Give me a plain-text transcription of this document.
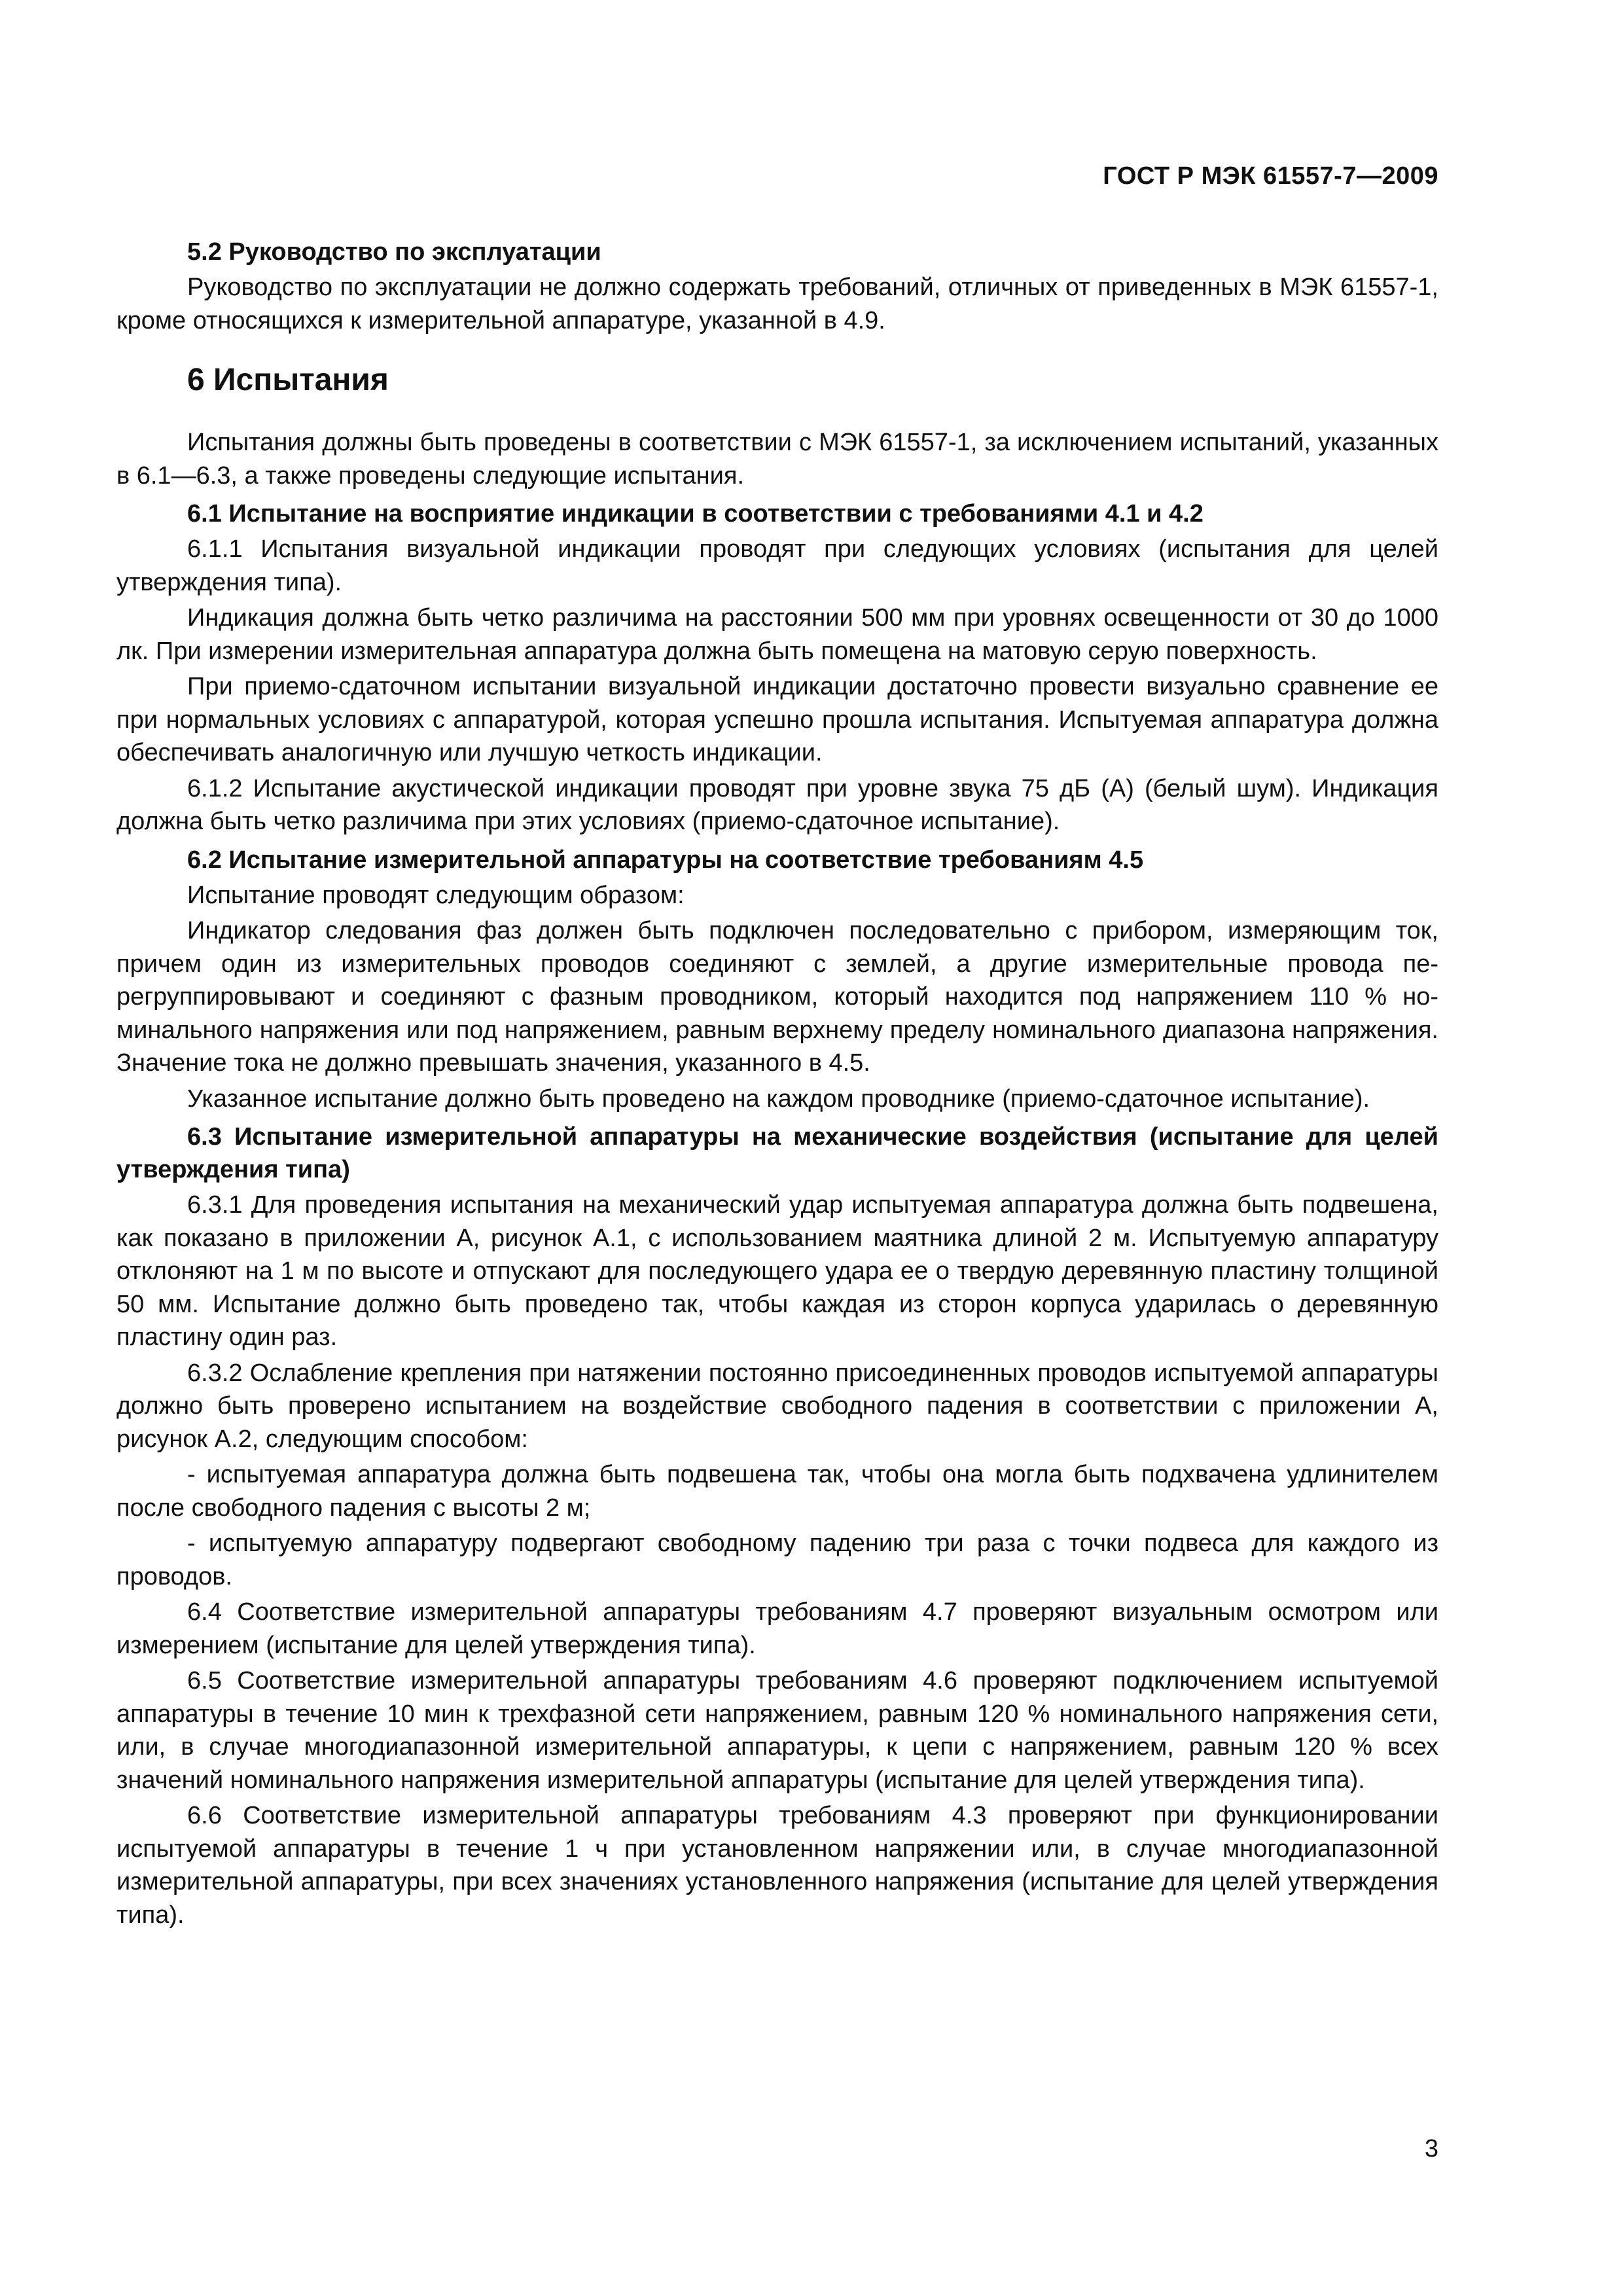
ГОСТ Р МЭК 61557-7—2009
5.2 Руководство по эксплуатации

Руководство по эксплуатации не должно содержать требований, отличных от приведенных в МЭК 61557-1, кроме относящихся к измерительной аппаратуре, указанной в 4.9.

6 Испытания

Испытания должны быть проведены в соответствии с МЭК 61557-1, за исключением испытаний, указанных в 6.1—6.3, а также проведены следующие испытания.

6.1 Испытание на восприятие индикации в соответствии с требованиями 4.1 и 4.2

6.1.1 Испытания визуальной индикации проводят при следующих условиях (испытания для целей утверждения типа).

Индикация должна быть четко различима на расстоянии 500 мм при уровнях освещенности от 30 до 1000 лк. При измерении измерительная аппаратура должна быть помещена на матовую серую поверхность.

При приемо-сдаточном испытании визуальной индикации достаточно провести визуально сравнение ее при нормальных условиях с аппаратурой, которая успешно прошла испытания. Испытуемая аппаратура должна обеспечивать аналогичную или лучшую четкость индикации.

6.1.2 Испытание акустической индикации проводят при уровне звука 75 дБ (А) (белый шум). Индикация должна быть четко различима при этих условиях (приемо-сдаточное испытание).

6.2 Испытание измерительной аппаратуры на соответствие требованиям 4.5

Испытание проводят следующим образом:

Индикатор следования фаз должен быть подключен последовательно с прибором, измеряющим ток, причем один из измерительных проводов соединяют с землей, а другие измерительные провода перегруппировывают и соединяют с фазным проводником, который находится под напряжением 110 % номинального напряжения или под напряжением, равным верхнему пределу номинального диапазона напряжения. Значение тока не должно превышать значения, указанного в 4.5.

Указанное испытание должно быть проведено на каждом проводнике (приемо-сдаточное испытание).

6.3 Испытание измерительной аппаратуры на механические воздействия (испытание для целей утверждения типа)

6.3.1 Для проведения испытания на механический удар испытуемая аппаратура должна быть подвешена, как показано в приложении А, рисунок А.1, с использованием маятника длиной 2 м. Испытуемую аппаратуру отклоняют на 1 м по высоте и отпускают для последующего удара ее о твердую деревянную пластину толщиной 50 мм. Испытание должно быть проведено так, чтобы каждая из сторон корпуса ударилась о деревянную пластину один раз.

6.3.2 Ослабление крепления при натяжении постоянно присоединенных проводов испытуемой аппаратуры должно быть проверено испытанием на воздействие свободного падения в соответствии с приложении А, рисунок А.2, следующим способом:

- испытуемая аппаратура должна быть подвешена так, чтобы она могла быть подхвачена удлинителем после свободного падения с высоты 2 м;

- испытуемую аппаратуру подвергают свободному падению три раза с точки подвеса для каждого из проводов.

6.4 Соответствие измерительной аппаратуры требованиям 4.7 проверяют визуальным осмотром или измерением (испытание для целей утверждения типа).

6.5 Соответствие измерительной аппаратуры требованиям 4.6 проверяют подключением испытуемой аппаратуры в течение 10 мин к трехфазной сети напряжением, равным 120 % номинального напряжения сети, или, в случае многодиапазонной измерительной аппаратуры, к цепи с напряжением, равным 120 % всех значений номинального напряжения измерительной аппаратуры (испытание для целей утверждения типа).

6.6 Соответствие измерительной аппаратуры требованиям 4.3 проверяют при функционировании испытуемой аппаратуры в течение 1 ч при установленном напряжении или, в случае многодиапазонной измерительной аппаратуры, при всех значениях установленного напряжения (испытание для целей утверждения типа).

3
